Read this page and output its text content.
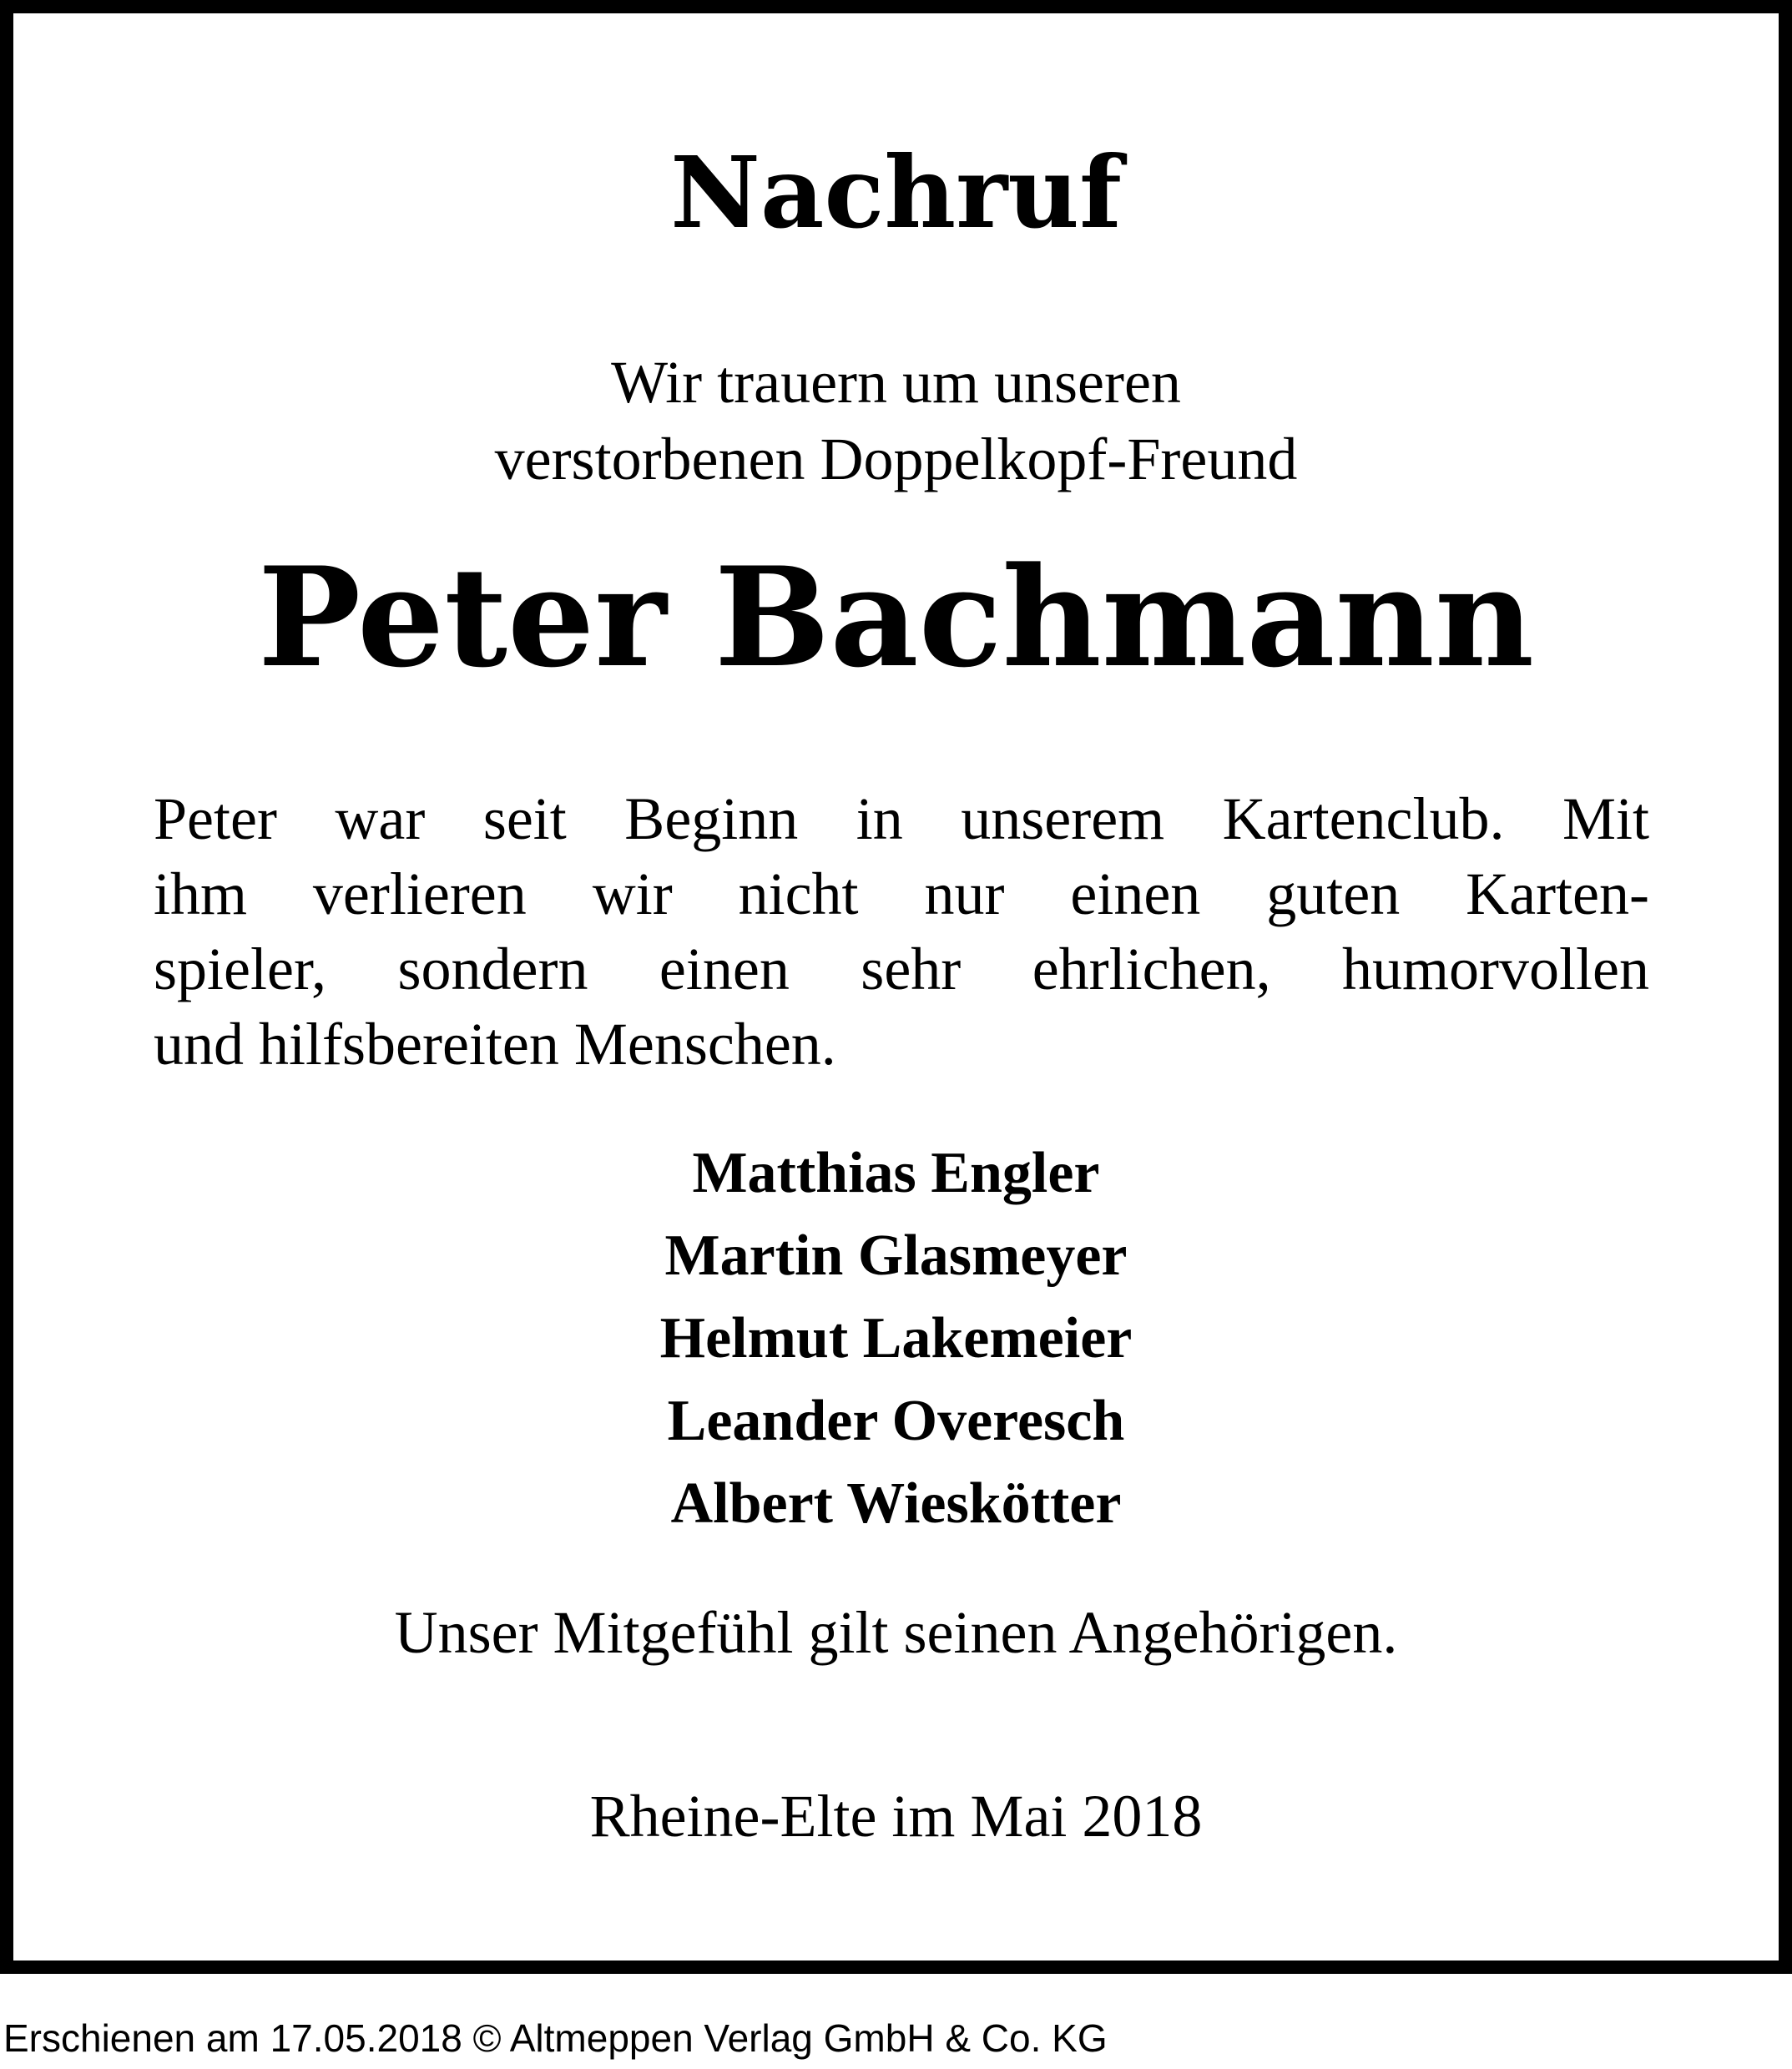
Nachruf
Wir trauern um unseren
verstorbenen Doppelkopf-Freund
Peter Bachmann
Peter war seit Beginn in unserem Kartenclub. Mit
ihm verlieren wir nicht nur einen guten Karten-
spieler, sondern einen sehr ehrlichen, humorvollen
und hilfsbereiten Menschen.
Matthias Engler
Martin Glasmeyer
Helmut Lakemeier
Leander Overesch
Albert Wieskötter
Unser Mitgefühl gilt seinen Angehörigen.
Rheine-Elte im Mai 2018
Erschienen am 17.05.2018 © Altmeppen Verlag GmbH & Co. KG
